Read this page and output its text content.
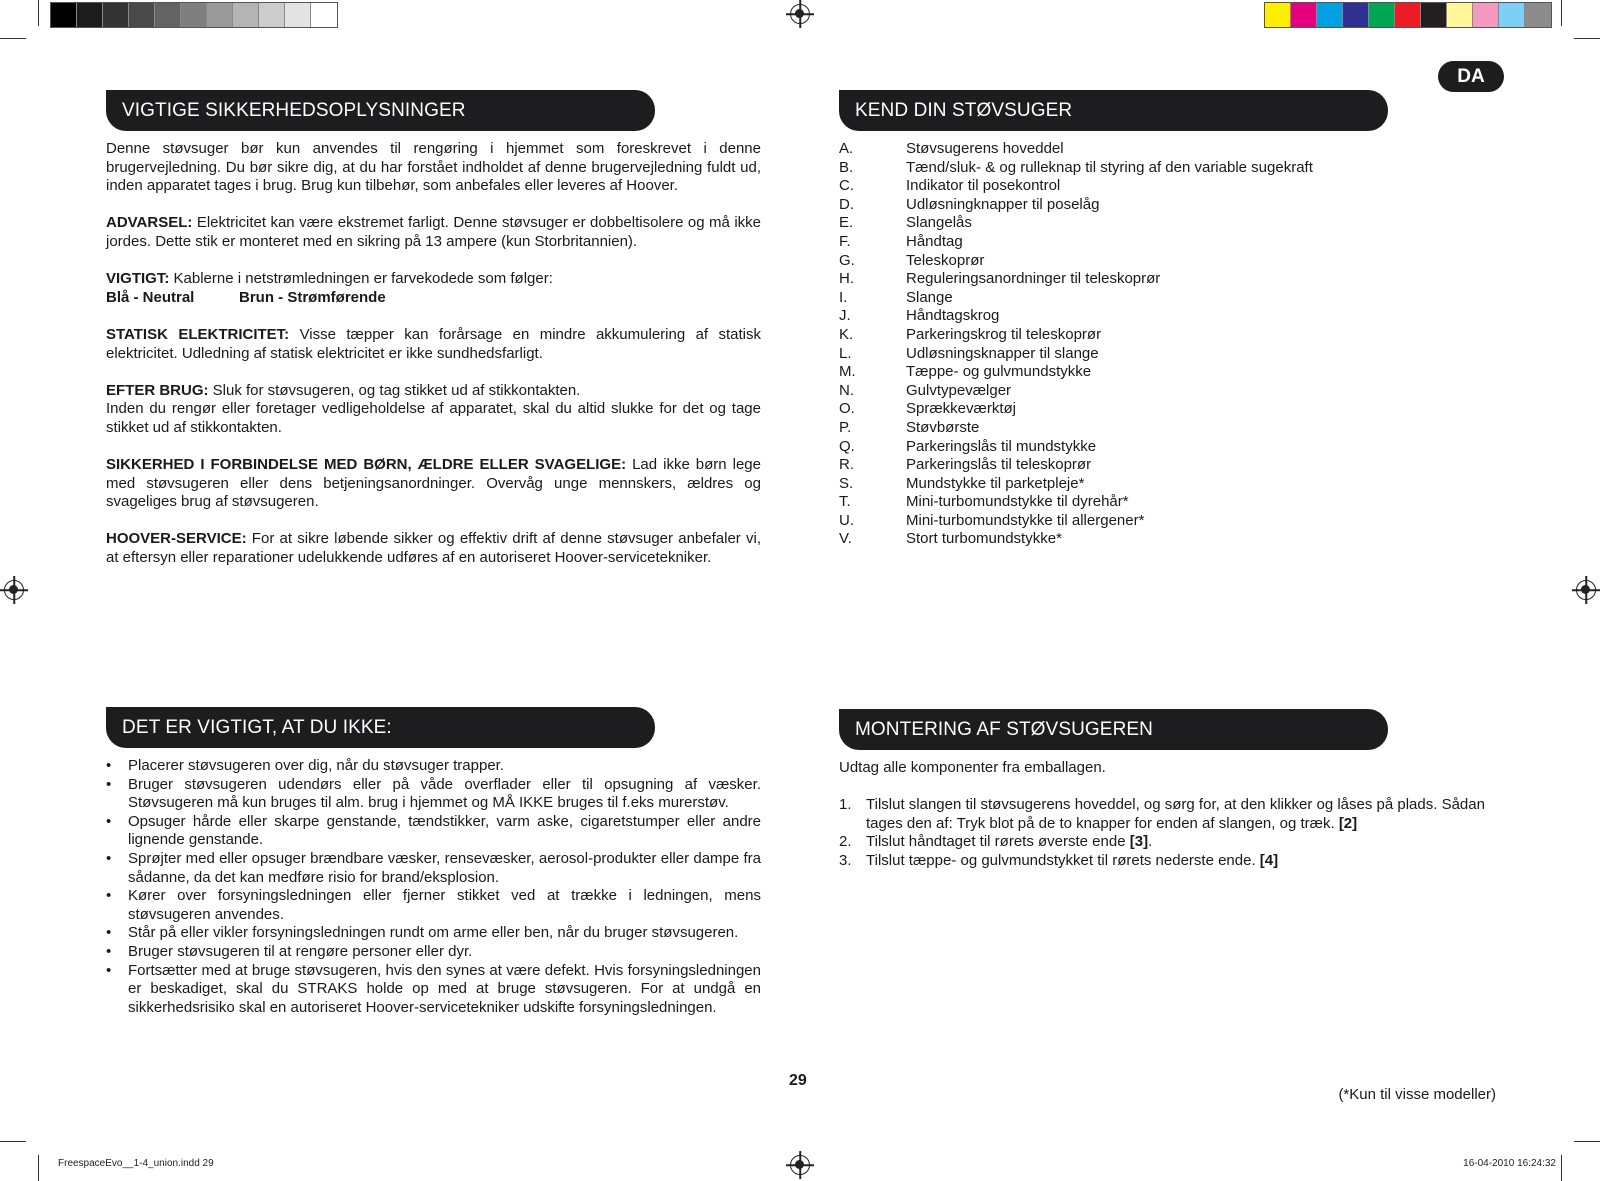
DA
VIGTIGE SIKKERHEDSOPLYSNINGER

Denne støvsuger bør kun anvendes til rengøring i hjemmet som foreskrevet i denne brugervejledning. Du bør sikre dig, at du har forstået indholdet af denne brugervejledning fuldt ud, inden apparatet tages i brug. Brug kun tilbehør, som anbefales eller leveres af Hoover.

ADVARSEL: Elektricitet kan være ekstremet farligt. Denne støvsuger er dobbeltisolere og må ikke jordes. Dette stik er monteret med en sikring på 13 ampere (kun Storbritannien).

VIGTIGT: Kablerne i netstrømledningen er farvekodede som følger:
Blå - Neutral	Brun - Strømførende

STATISK ELEKTRICITET: Visse tæpper kan forårsage en mindre akkumulering af statisk elektricitet. Udledning af statisk elektricitet er ikke sundhedsfarligt.

EFTER BRUG: Sluk for støvsugeren, og tag stikket ud af stikkontakten.
Inden du rengør eller foretager vedligeholdelse af apparatet, skal du altid slukke for det og tage stikket ud af stikkontakten.

SIKKERHED I FORBINDELSE MED BØRN, ÆLDRE ELLER SVAGELIGE: Lad ikke børn lege med støvsugeren eller dens betjeningsanordninger. Overvåg unge mennskers, ældres og svageliges brug af støvsugeren.

HOOVER-SERVICE: For at sikre løbende sikker og effektiv drift af denne støvsuger anbefaler vi, at eftersyn eller reparationer udelukkende udføres af en autoriseret Hoover-servicetekniker.

DET ER VIGTIGT, AT DU IKKE:
• Placerer støvsugeren over dig, når du støvsuger trapper.
• Bruger støvsugeren udendørs eller på våde overflader eller til opsugning af væsker. Støvsugeren må kun bruges til alm. brug i hjemmet og MÅ IKKE bruges til f.eks murerstøv.
• Opsuger hårde eller skarpe genstande, tændstikker, varm aske, cigaretstumper eller andre lignende genstande.
• Sprøjter med eller opsuger brændbare væsker, rensevæsker, aerosol-produkter eller dampe fra sådanne, da det kan medføre risio for brand/eksplosion.
• Kører over forsyningsledningen eller fjerner stikket ved at trække i ledningen, mens støvsugeren anvendes.
• Står på eller vikler forsyningsledningen rundt om arme eller ben, når du bruger støvsugeren.
• Bruger støvsugeren til at rengøre personer eller dyr.
• Fortsætter med at bruge støvsugeren, hvis den synes at være defekt. Hvis forsyningsledningen er beskadiget, skal du STRAKS holde op med at bruge støvsugeren. For at undgå en sikkerhedsrisiko skal en autoriseret Hoover-servicetekniker udskifte forsyningsledningen.
KEND DIN STØVSUGER
A.	Støvsugerens hoveddel
B.	Tænd/sluk- & og rulleknap til styring af den variable sugekraft
C.	Indikator til posekontrol
D.	Udløsningknapper til poselåg
E.	Slangelås
F.	Håndtag
G.	Teleskoprør
H.	Reguleringsanordninger til teleskoprør
I.	Slange
J.	Håndtagskrog
K.	Parkeringskrog til teleskoprør
L.	Udløsningsknapper til slange
M.	Tæppe- og gulvmundstykke
N.	Gulvtypevælger
O.	Sprækkeværktøj
P.	Støvbørste
Q.	Parkeringslås til mundstykke
R.	Parkeringslås til teleskoprør
S.	Mundstykke til parketpleje*
T.	Mini-turbomundstykke til dyrehår*
U.	Mini-turbomundstykke til allergener*
V.	Stort turbomundstykke*
MONTERING AF STØVSUGEREN

Udtag alle komponenter fra emballagen.

1. Tilslut slangen til støvsugerens hoveddel, og sørg for, at den klikker og låses på plads. Sådan tages den af: Tryk blot på de to knapper for enden af slangen, og træk. [2]
2. Tilslut håndtaget til rørets øverste ende [3].
3. Tilslut tæppe- og gulvmundstykket til rørets nederste ende. [4]
29
(*Kun til visse modeller)
FreespaceEvo__1-4_union.indd 29	16-04-2010 16:24:32
